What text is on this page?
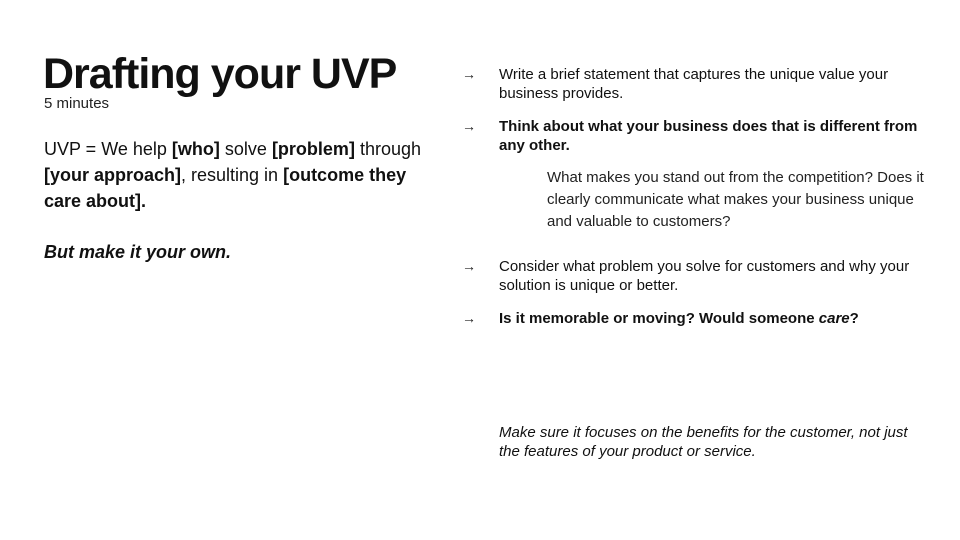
Drafting your UVP
5 minutes

UVP = We help [who] solve [problem] through [your approach], resulting in [outcome they care about].

But make it your own.
→ Write a brief statement that captures the unique value your business provides.
→ Think about what your business does that is different from any other.
What makes you stand out from the competition? Does it clearly communicate what makes your business unique and valuable to customers?
→ Consider what problem you solve for customers and why your solution is unique or better.
→ Is it memorable or moving? Would someone care?
Make sure it focuses on the benefits for the customer, not just the features of your product or service.
